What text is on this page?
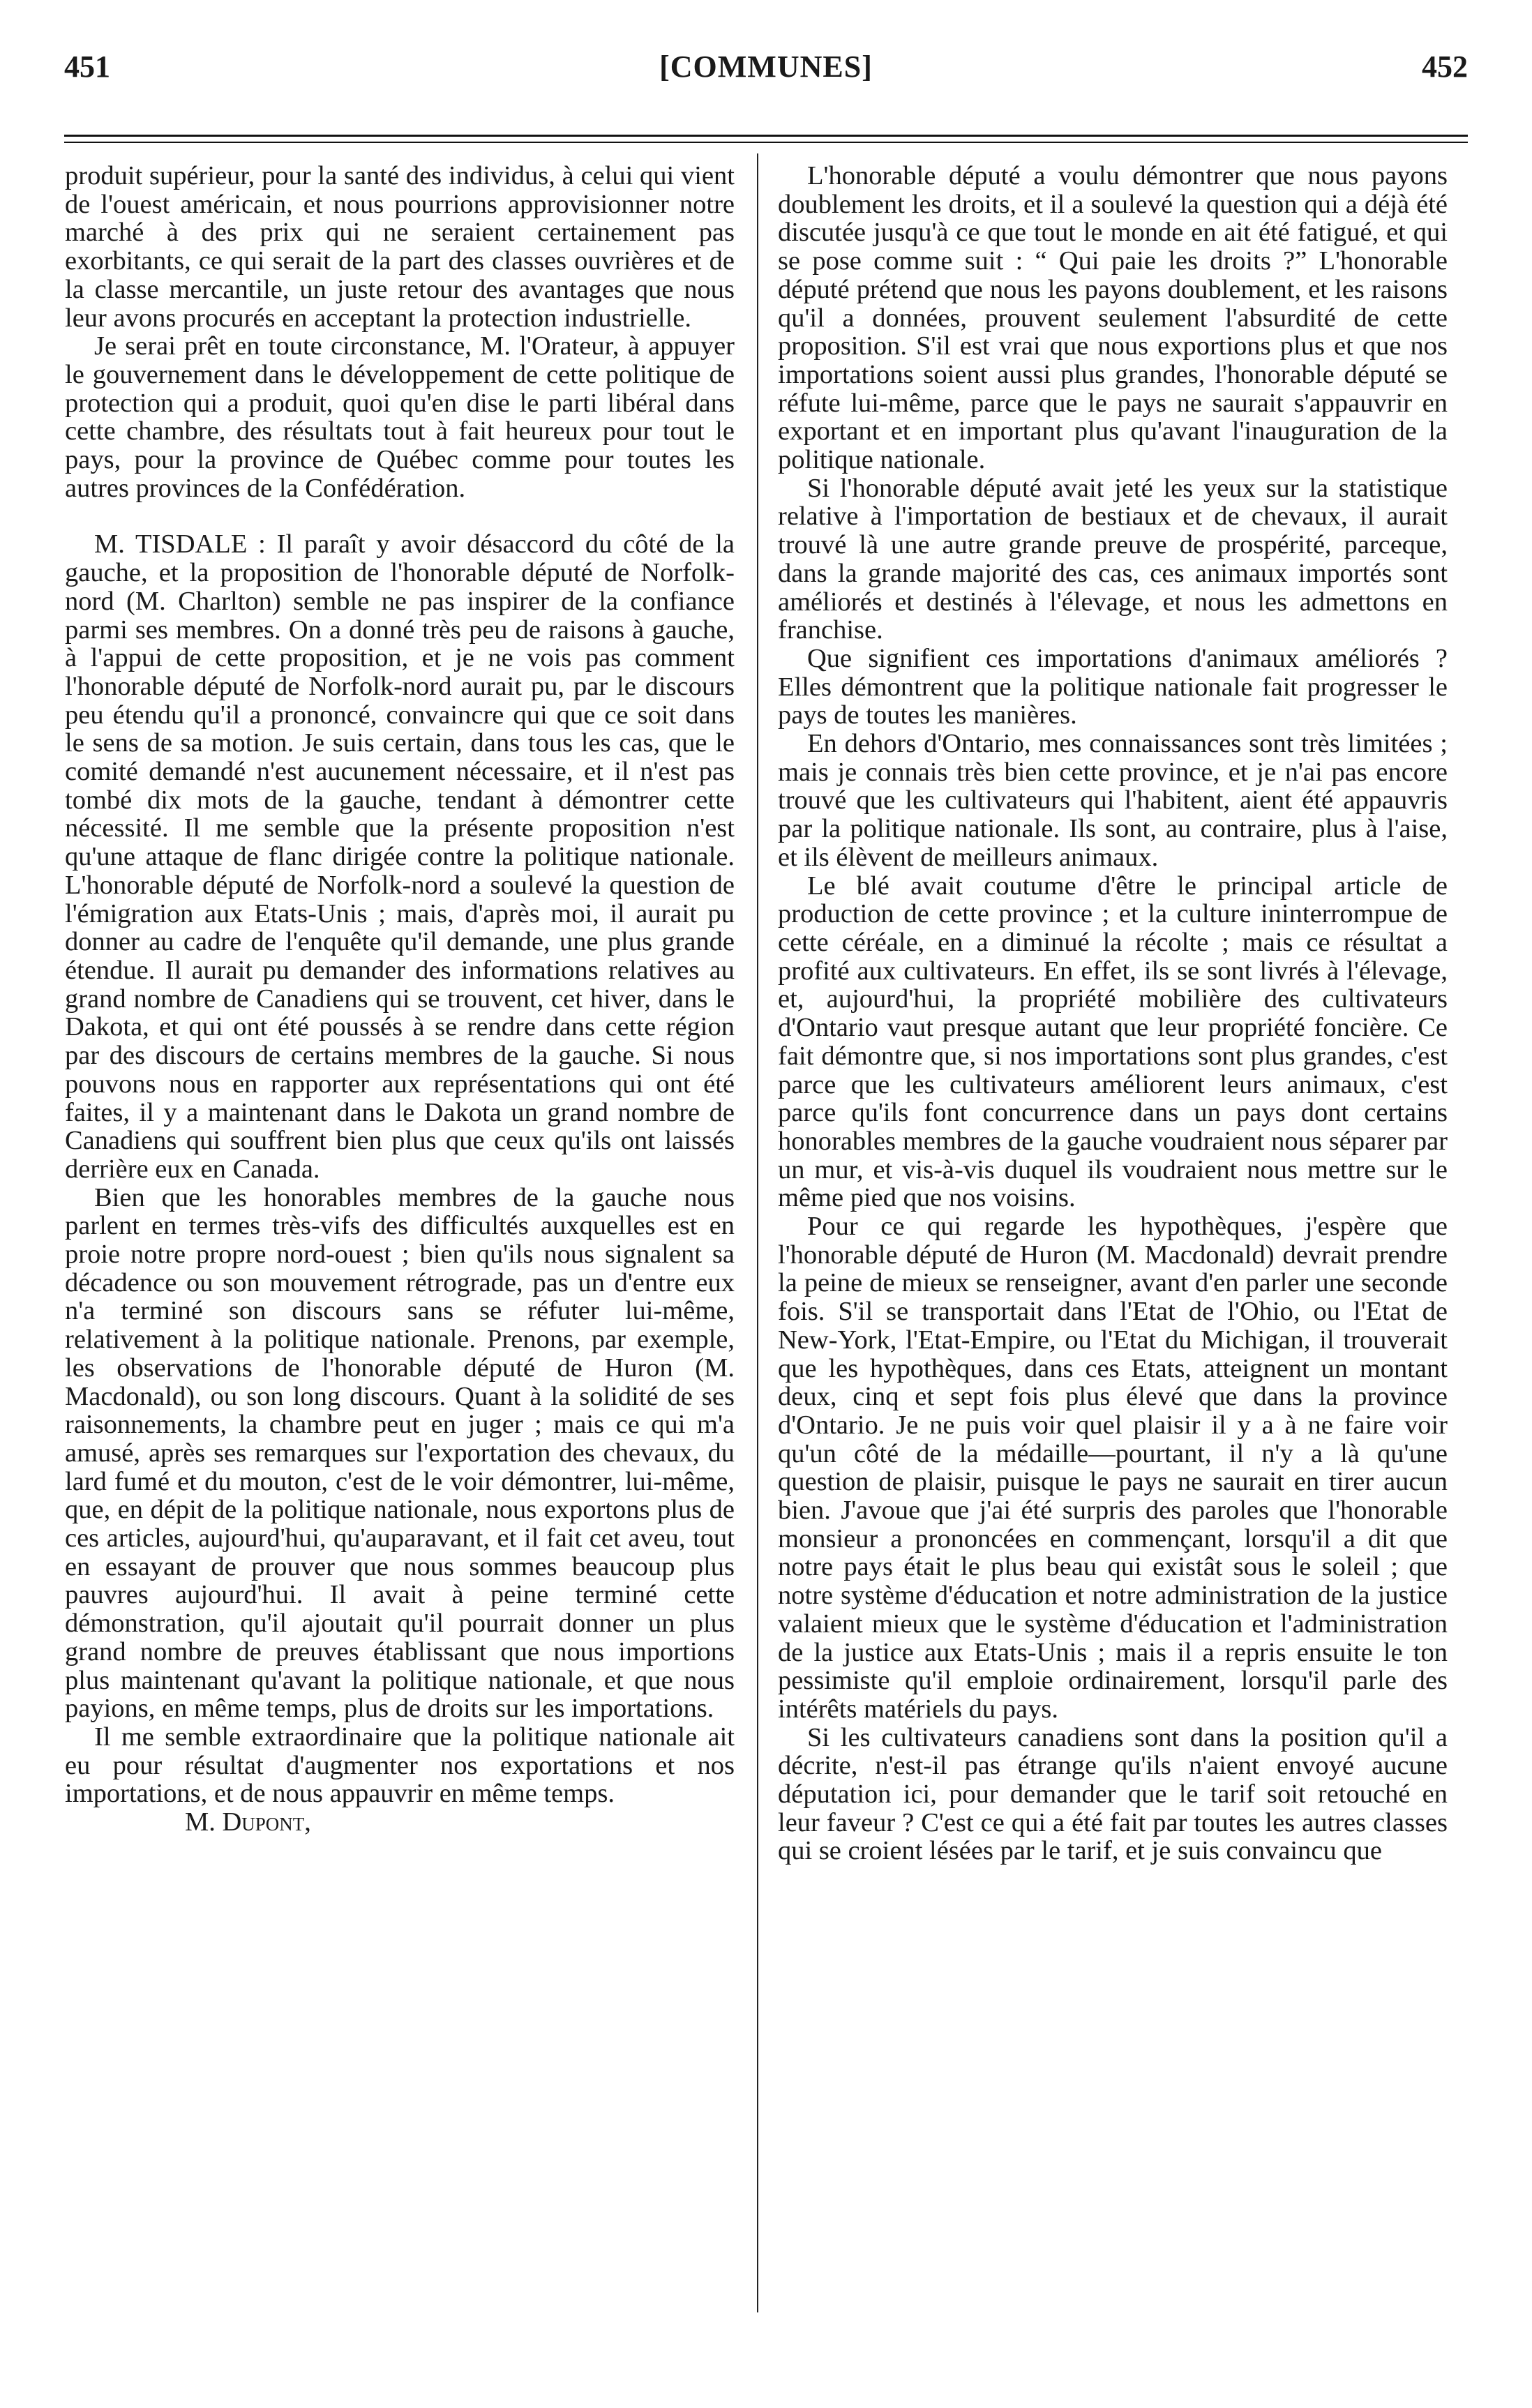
451	[COMMUNES]	452

produit supérieur, pour la santé des individus, à celui qui vient de l'ouest américain, et nous pourrions approvisionner notre marché à des prix qui ne seraient certainement pas exorbitants, ce qui serait de la part des classes ouvrières et de la classe mercantile, un juste retour des avantages que nous leur avons procurés en acceptant la protection industrielle.

Je serai prêt en toute circonstance, M. l'Orateur, à appuyer le gouvernement dans le développement de cette politique de protection qui a produit, quoi qu'en dise le parti libéral dans cette chambre, des résultats tout à fait heureux pour tout le pays, pour la province de Québec comme pour toutes les autres provinces de la Confédération.

M. TISDALE : Il paraît y avoir désaccord du côté de la gauche, et la proposition de l'honorable député de Norfolk-nord (M. Charlton) semble ne pas inspirer de la confiance parmi ses membres. On a donné très peu de raisons à gauche, à l'appui de cette proposition, et je ne vois pas comment l'honorable député de Norfolk-nord aurait pu, par le discours peu étendu qu'il a prononcé, convaincre qui que ce soit dans le sens de sa motion. Je suis certain, dans tous les cas, que le comité demandé n'est aucunement nécessaire, et il n'est pas tombé dix mots de la gauche, tendant à démontrer cette nécessité. Il me semble que la présente proposition n'est qu'une attaque de flanc dirigée contre la politique nationale. L'honorable député de Norfolk-nord a soulevé la question de l'émigration aux Etats-Unis ; mais, d'après moi, il aurait pu donner au cadre de l'enquête qu'il demande, une plus grande étendue. Il aurait pu demander des informations relatives au grand nombre de Canadiens qui se trouvent, cet hiver, dans le Dakota, et qui ont été poussés à se rendre dans cette région par des discours de certains membres de la gauche. Si nous pouvons nous en rapporter aux représentations qui ont été faites, il y a maintenant dans le Dakota un grand nombre de Canadiens qui souffrent bien plus que ceux qu'ils ont laissés derrière eux en Canada.

Bien que les honorables membres de la gauche nous parlent en termes très-vifs des difficultés auxquelles est en proie notre propre nord-ouest ; bien qu'ils nous signalent sa décadence ou son mouvement rétrograde, pas un d'entre eux n'a terminé son discours sans se réfuter lui-même, relativement à la politique nationale. Prenons, par exemple, les observations de l'honorable député de Huron (M. Macdonald), ou son long discours. Quant à la solidité de ses raisonnements, la chambre peut en juger ; mais ce qui m'a amusé, après ses remarques sur l'exportation des chevaux, du lard fumé et du mouton, c'est de le voir démontrer, lui-même, que, en dépit de la politique nationale, nous exportons plus de ces articles, aujourd'hui, qu'auparavant, et il fait cet aveu, tout en essayant de prouver que nous sommes beaucoup plus pauvres aujourd'hui. Il avait à peine terminé cette démonstration, qu'il ajoutait qu'il pourrait donner un plus grand nombre de preuves établissant que nous importions plus maintenant qu'avant la politique nationale, et que nous payions, en même temps, plus de droits sur les importations.

Il me semble extraordinaire que la politique nationale ait eu pour résultat d'augmenter nos exportations et nos importations, et de nous appauvrir en même temps.

M. Dupont,

L'honorable député a voulu démontrer que nous payons doublement les droits, et il a soulevé la question qui a déjà été discutée jusqu'à ce que tout le monde en ait été fatigué, et qui se pose comme suit : “ Qui paie les droits ?” L'honorable député prétend que nous les payons doublement, et les raisons qu'il a données, prouvent seulement l'absurdité de cette proposition. S'il est vrai que nous exportions plus et que nos importations soient aussi plus grandes, l'honorable député se réfute lui-même, parce que le pays ne saurait s'appauvrir en exportant et en important plus qu'avant l'inauguration de la politique nationale.

Si l'honorable député avait jeté les yeux sur la statistique relative à l'importation de bestiaux et de chevaux, il aurait trouvé là une autre grande preuve de prospérité, parceque, dans la grande majorité des cas, ces animaux importés sont améliorés et destinés à l'élevage, et nous les admettons en franchise.

Que signifient ces importations d'animaux améliorés ? Elles démontrent que la politique nationale fait progresser le pays de toutes les manières.

En dehors d'Ontario, mes connaissances sont très limitées ; mais je connais très bien cette province, et je n'ai pas encore trouvé que les cultivateurs qui l'habitent, aient été appauvris par la politique nationale. Ils sont, au contraire, plus à l'aise, et ils élèvent de meilleurs animaux.

Le blé avait coutume d'être le principal article de production de cette province ; et la culture ininterrompue de cette céréale, en a diminué la récolte ; mais ce résultat a profité aux cultivateurs. En effet, ils se sont livrés à l'élevage, et, aujourd'hui, la propriété mobilière des cultivateurs d'Ontario vaut presque autant que leur propriété foncière. Ce fait démontre que, si nos importations sont plus grandes, c'est parce que les cultivateurs améliorent leurs animaux, c'est parce qu'ils font concurrence dans un pays dont certains honorables membres de la gauche voudraient nous séparer par un mur, et vis-à-vis duquel ils voudraient nous mettre sur le même pied que nos voisins.

Pour ce qui regarde les hypothèques, j'espère que l'honorable député de Huron (M. Macdonald) devrait prendre la peine de mieux se renseigner, avant d'en parler une seconde fois. S'il se transportait dans l'Etat de l'Ohio, ou l'Etat de New-York, l'Etat-Empire, ou l'Etat du Michigan, il trouverait que les hypothèques, dans ces Etats, atteignent un montant deux, cinq et sept fois plus élevé que dans la province d'Ontario. Je ne puis voir quel plaisir il y a à ne faire voir qu'un côté de la médaille—pourtant, il n'y a là qu'une question de plaisir, puisque le pays ne saurait en tirer aucun bien. J'avoue que j'ai été surpris des paroles que l'honorable monsieur a prononcées en commençant, lorsqu'il a dit que notre pays était le plus beau qui existât sous le soleil ; que notre système d'éducation et notre administration de la justice valaient mieux que le système d'éducation et l'administration de la justice aux Etats-Unis ; mais il a repris ensuite le ton pessimiste qu'il emploie ordinairement, lorsqu'il parle des intérêts matériels du pays.

Si les cultivateurs canadiens sont dans la position qu'il a décrite, n'est-il pas étrange qu'ils n'aient envoyé aucune députation ici, pour demander que le tarif soit retouché en leur faveur ? C'est ce qui a été fait par toutes les autres classes qui se croient lésées par le tarif, et je suis convaincu que
